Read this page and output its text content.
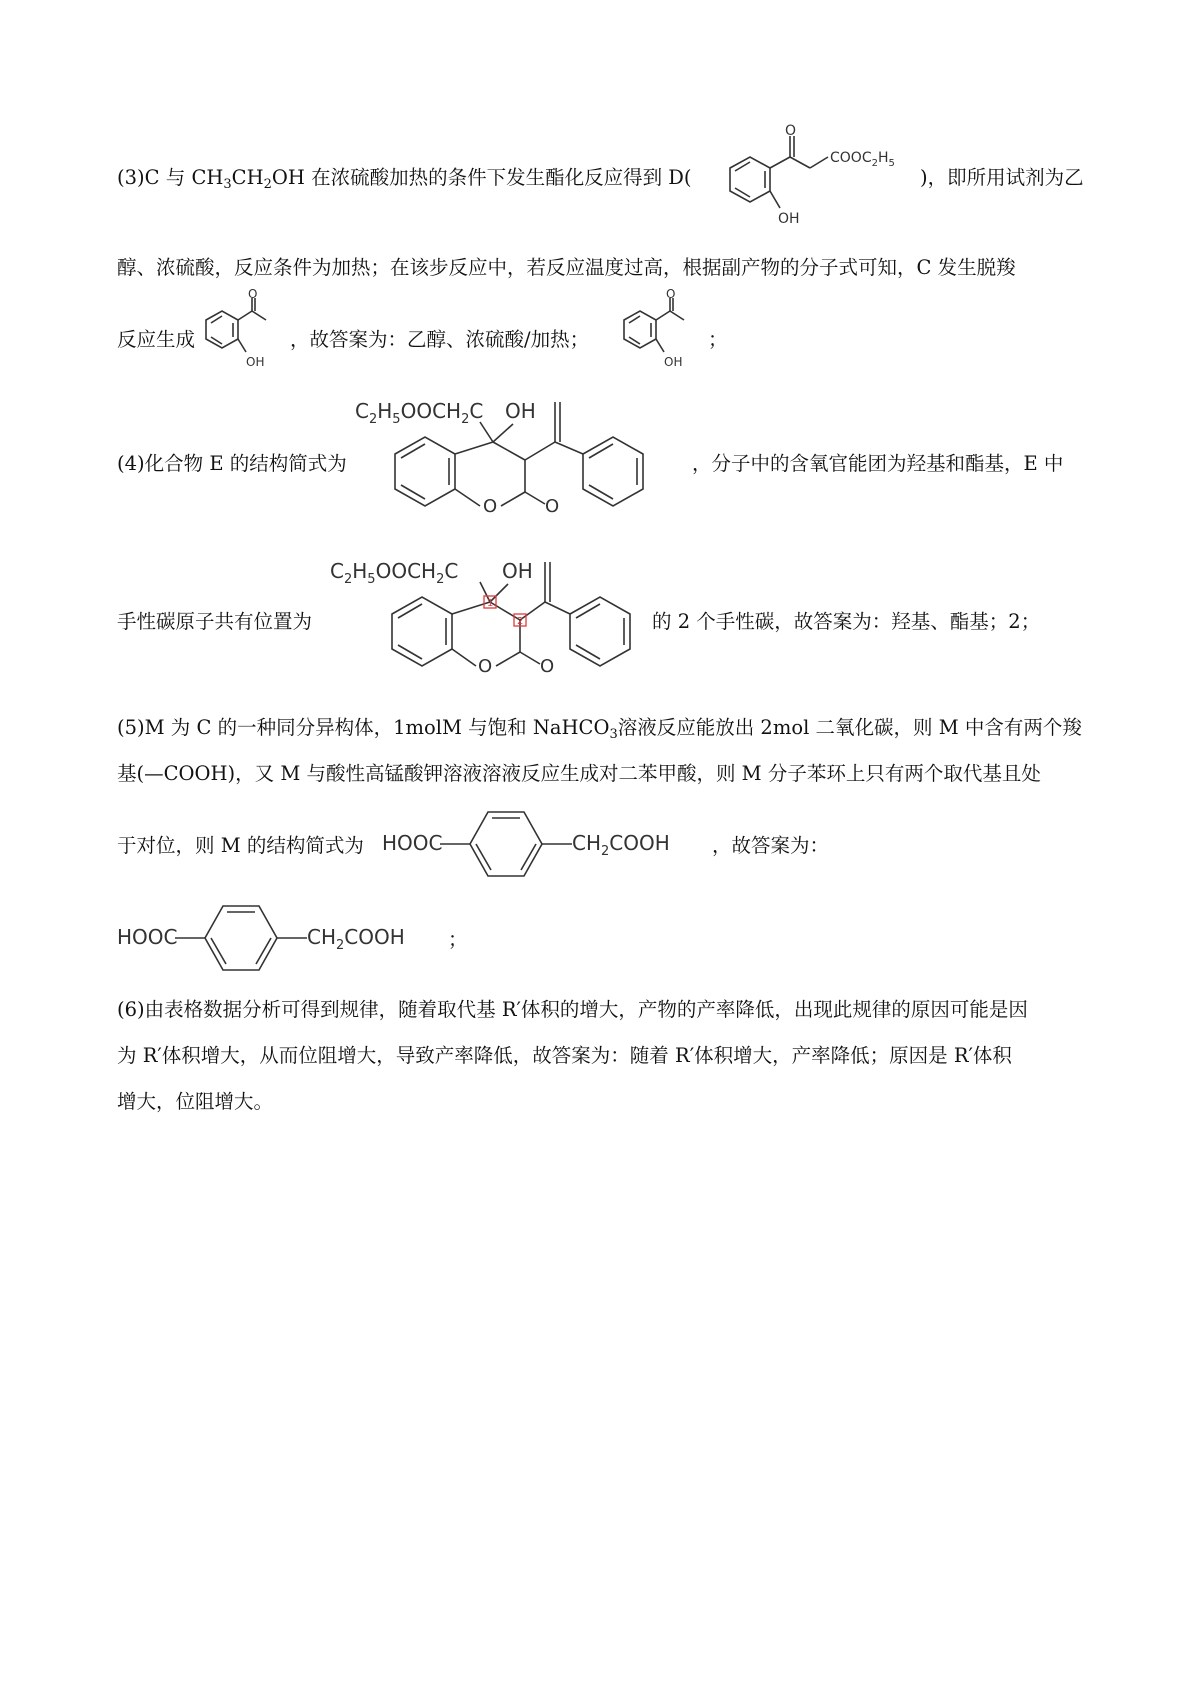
(3)C 与 $CH_3CH_2OH$ 在浓硫酸加热的条件下发生酯化反应得到 D(
O
$COOC_2H_5$
OH
)，即所用试剂为乙
醇、浓硫酸，反应条件为加热；在该步反应中，若反应温度过高，根据副产物的分子式可知，C 发生脱羧
反应生成
O
OH
，故答案为：乙醇、浓硫酸/加热；
O
OH
；
(4)化合物 E 的结构简式为
$C_2H_5OOCH_2C$ OH
O	O
，分子中的含氧官能团为羟基和酯基，E 中
手性碳原子共有位置为
$C_2H_5OOCH_2C$ OH
O	O
1
2	的 2 个手性碳，故答案为：羟基、酯基；2；
(5)M 为 C 的一种同分异构体，1molM 与饱和 NaHCO$_3$溶液反应能放出 2mol 二氧化碳，则 M 中含有两个羧
基(—COOH)，又 M 与酸性高锰酸钾溶液溶液反应生成对二苯甲酸，则 M 分子苯环上只有两个取代基且处
于对位，则 M 的结构简式为 HOOC	$CH_2COOH$ ，故答案为：
HOOC	$CH_2COOH$ ；
(6)由表格数据分析可得到规律，随着取代基 R′体积的增大，产物的产率降低，出现此规律的原因可能是因
为 R′体积增大，从而位阻增大，导致产率降低，故答案为：随着 R′体积增大，产率降低；原因是 R′体积
增大，位阻增大。
